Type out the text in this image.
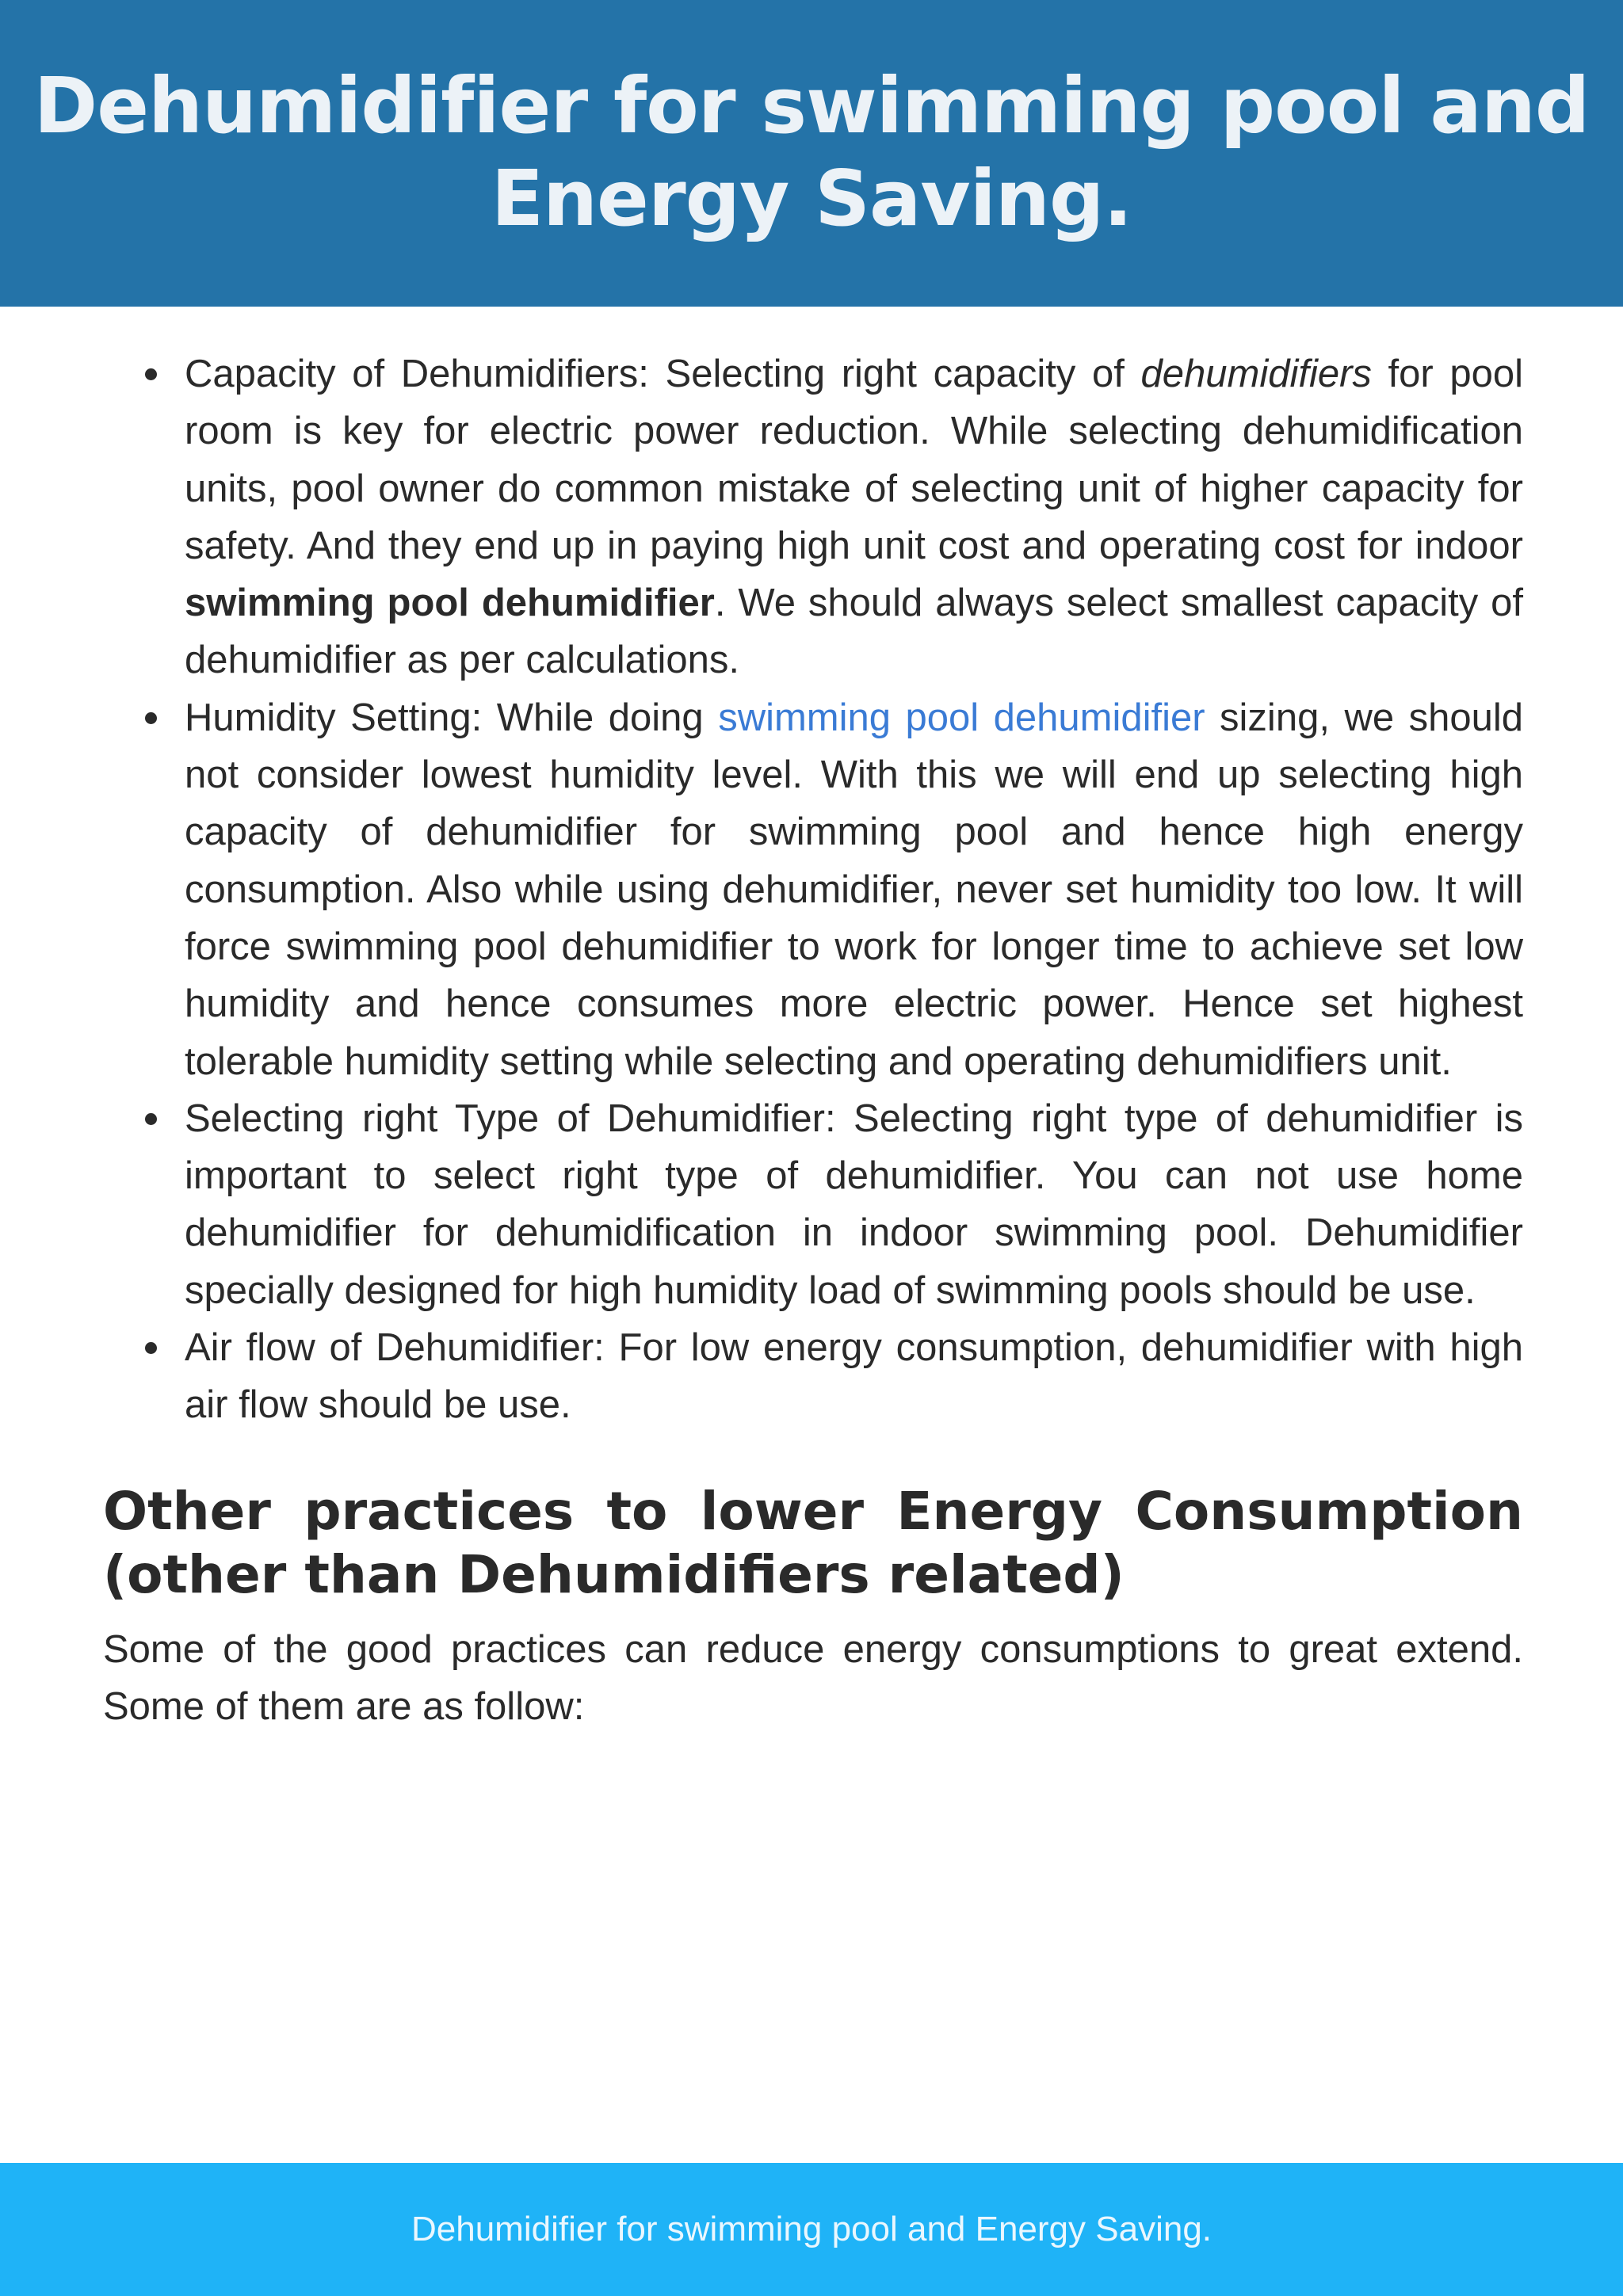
Dehumidifier for swimming pool and
Energy Saving.
Capacity of Dehumidifiers: Selecting right capacity of dehumidifiers for pool room is key for electric power reduction. While selecting dehumidification units, pool owner do common mistake of selecting unit of higher capacity for safety. And they end up in paying high unit cost and operating cost for indoor swimming pool dehumidifier. We should always select smallest capacity of dehumidifier as per calculations.
Humidity Setting: While doing swimming pool dehumidifier sizing, we should not consider lowest humidity level. With this we will end up selecting high capacity of dehumidifier for swimming pool and hence high energy consumption. Also while using dehumidifier, never set humidity too low. It will force swimming pool dehumidifier to work for longer time to achieve set low humidity and hence consumes more electric power. Hence set highest tolerable humidity setting while selecting and operating dehumidifiers unit.
Selecting right Type of Dehumidifier: Selecting right type of dehumidifier is important to select right type of dehumidifier. You can not use home dehumidifier for dehumidification in indoor swimming pool. Dehumidifier specially designed for high humidity load of swimming pools should be use.
Air flow of Dehumidifier: For low energy consumption, dehumidifier with high air flow should be use.
Other practices to lower Energy Consumption (other than Dehumidifiers related)

Some of the good practices can reduce energy consumptions to great extend. Some of them are as follow:

Dehumidifier for swimming pool and Energy Saving.
